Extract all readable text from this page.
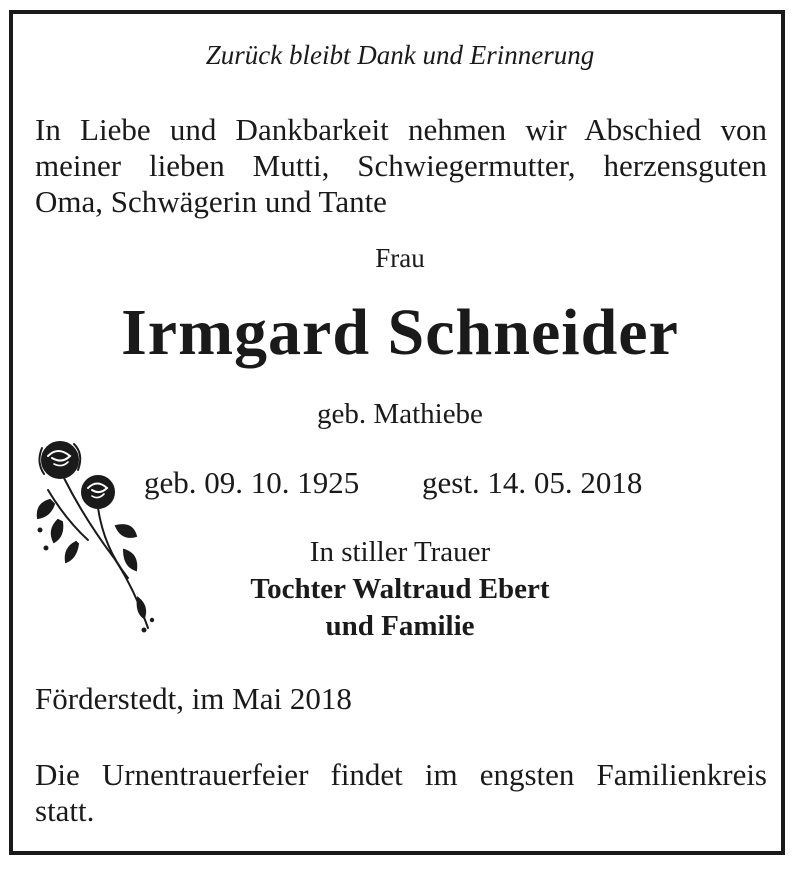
Zurück bleibt Dank und Erinnerung
In Liebe und Dankbarkeit nehmen wir Abschied von
meiner lieben Mutti, Schwiegermutter, herzensguten
Oma, Schwägerin und Tante
Frau
Irmgard Schneider
geb. Mathiebe
geb. 09. 10. 1925 gest. 14. 05. 2018
In stiller Trauer
Tochter Waltraud Ebert
und Familie
Förderstedt, im Mai 2018
Die Urnentrauerfeier findet im engsten Familienkreis
statt.
